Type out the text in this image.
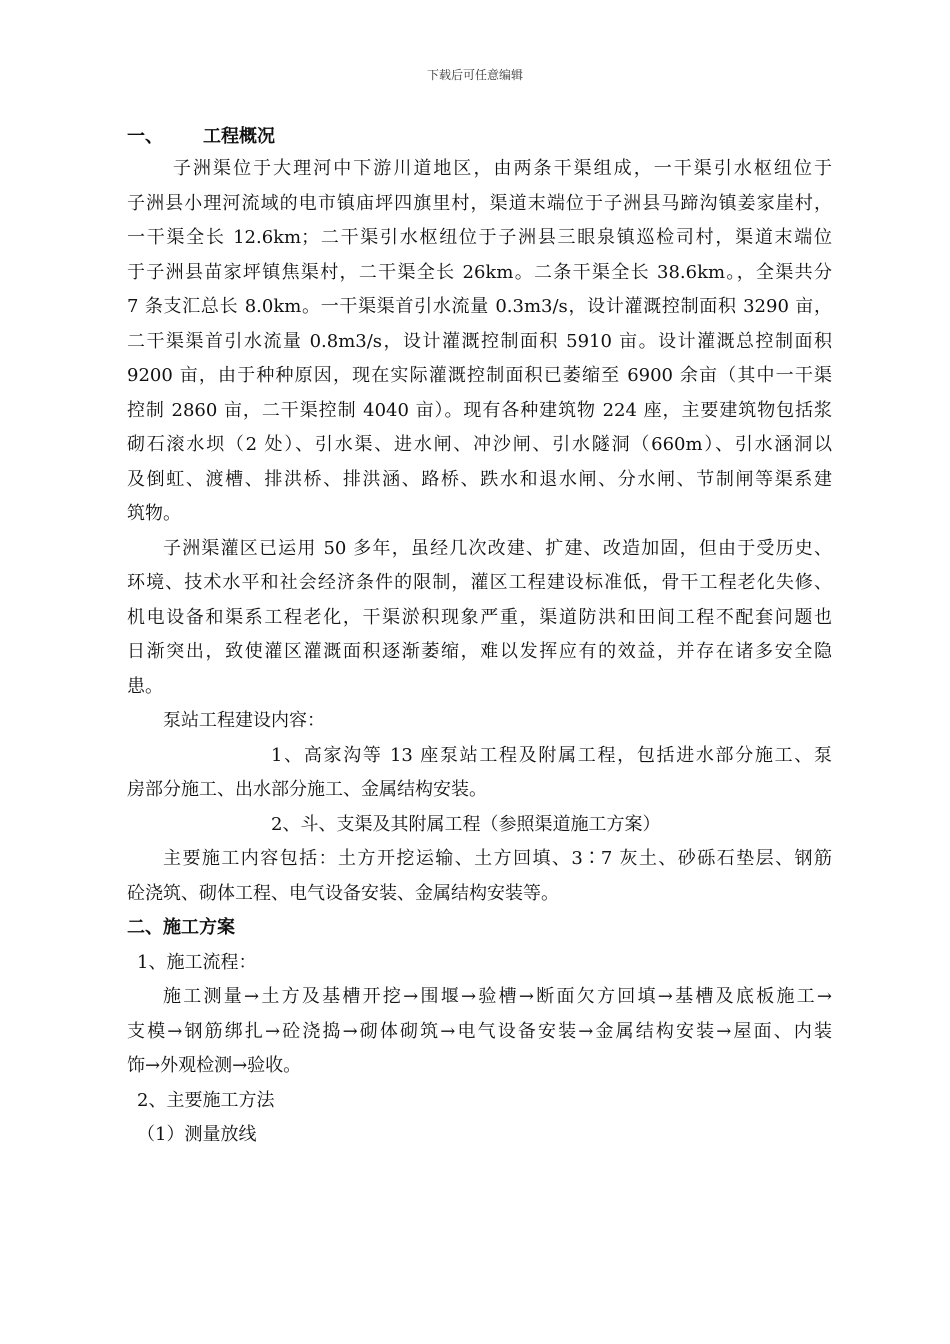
下载后可任意编辑
一、 工程概况
子洲渠位于大理河中下游川道地区，由两条干渠组成，一干渠引水枢纽位于
子洲县小理河流域的电市镇庙坪四旗里村，渠道末端位于子洲县马蹄沟镇姜家崖村，
一干渠全长 12.6km；二干渠引水枢纽位于子洲县三眼泉镇巡检司村，渠道末端位
于子洲县苗家坪镇焦渠村，二干渠全长 26km。二条干渠全长 38.6km。，全渠共分
7 条支汇总长 8.0km。一干渠渠首引水流量 0.3m3/s，设计灌溉控制面积 3290 亩，
二干渠渠首引水流量 0.8m3/s，设计灌溉控制面积 5910 亩。设计灌溉总控制面积
9200 亩，由于种种原因，现在实际灌溉控制面积已萎缩至 6900 余亩（其中一干渠
控制 2860 亩，二干渠控制 4040 亩）。现有各种建筑物 224 座，主要建筑物包括浆
砌石滚水坝（2 处）、引水渠、进水闸、冲沙闸、引水隧洞（660m）、引水涵洞以
及倒虹、渡槽、排洪桥、排洪涵、路桥、跌水和退水闸、分水闸、节制闸等渠系建
筑物。
子洲渠灌区已运用 50 多年，虽经几次改建、扩建、改造加固，但由于受历史、
环境、技术水平和社会经济条件的限制，灌区工程建设标准低，骨干工程老化失修、
机电设备和渠系工程老化，干渠淤积现象严重，渠道防洪和田间工程不配套问题也
日渐突出，致使灌区灌溉面积逐渐萎缩，难以发挥应有的效益，并存在诸多安全隐
患。
泵站工程建设内容：
1、高家沟等 13 座泵站工程及附属工程，包括进水部分施工、泵
房部分施工、出水部分施工、金属结构安装。
2、斗、支渠及其附属工程（参照渠道施工方案）
主要施工内容包括：土方开挖运输、土方回填、3∶7 灰土、砂砾石垫层、钢筋
砼浇筑、砌体工程、电气设备安装、金属结构安装等。
二、施工方案
1、施工流程：
施工测量→土方及基槽开挖→围堰→验槽→断面欠方回填→基槽及底板施工→
支模→钢筋绑扎→砼浇捣→砌体砌筑→电气设备安装→金属结构安装→屋面、内装
饰→外观检测→验收。
2、主要施工方法
（1）测量放线
